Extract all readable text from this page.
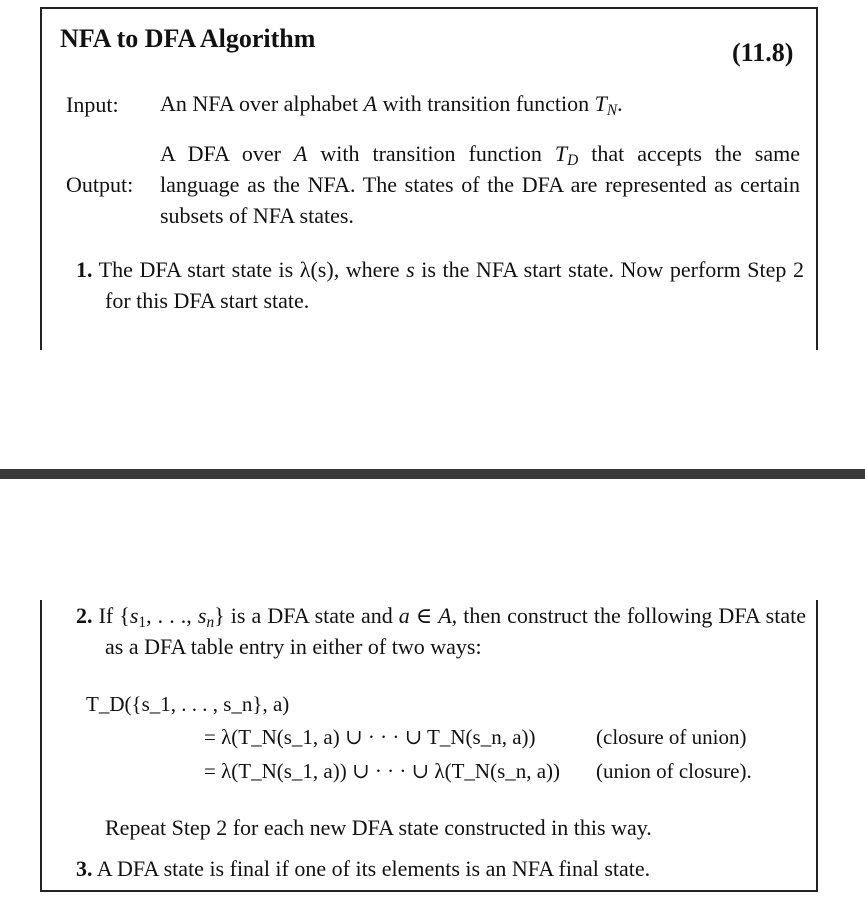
NFA to DFA Algorithm	(11.8)
Input: An NFA over alphabet A with transition function $T_N$.
Output:
A DFA over A with transition function $T_D$ that accepts the same language as the NFA. The states of the DFA are represented as certain subsets of NFA states.
1. The DFA start state is λ(s), where s is the NFA start state. Now perform Step 2 for this DFA start state.
2. If {$s_1$, . . ., $s_n$} is a DFA state and a ∈ A, then construct the following DFA state as a DFA table entry in either of two ways:
T_D({s_1, . . . , s_n}, a)
= λ(T_N(s_1, a) ∪ · · · ∪ T_N(s_n, a))	(closure of union)
= λ(T_N(s_1, a)) ∪ · · · ∪ λ(T_N(s_n, a)) (union of closure).
Repeat Step 2 for each new DFA state constructed in this way.
3. A DFA state is final if one of its elements is an NFA final state.
